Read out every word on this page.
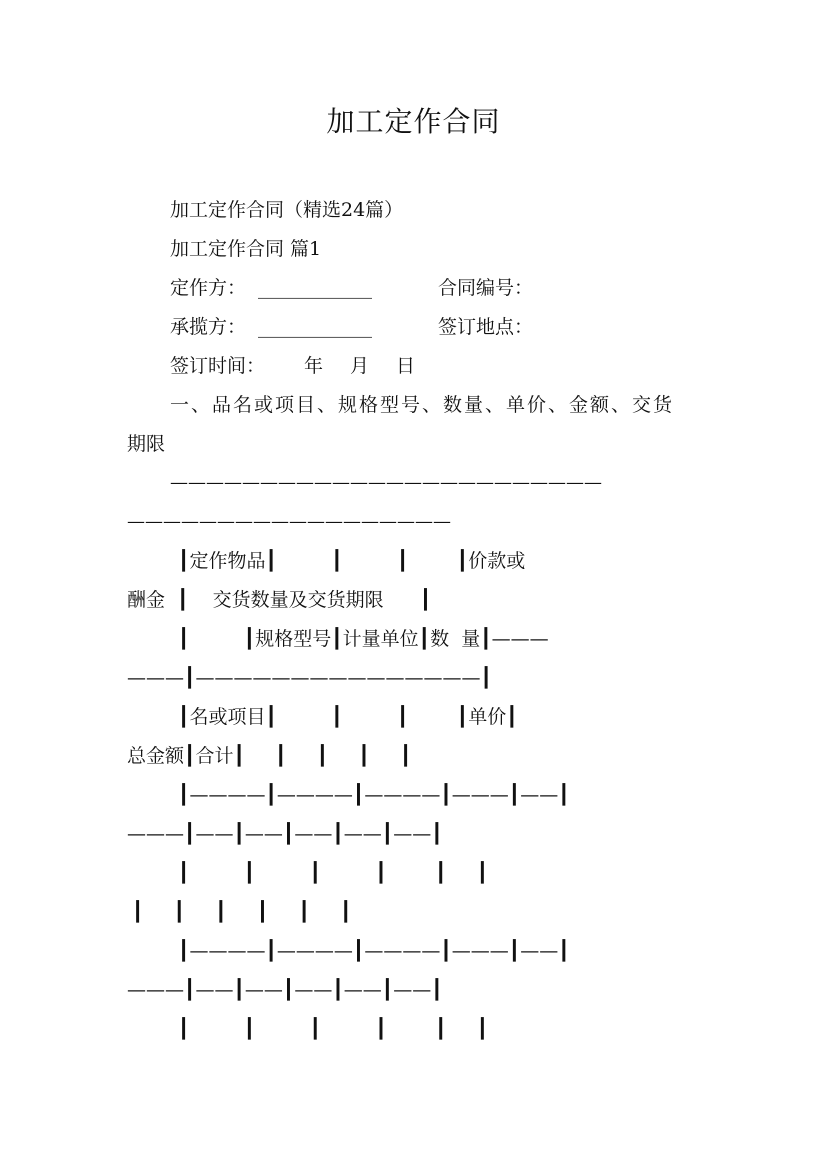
加工定作合同
加工定作合同（精选24篇）
加工定作合同 篇1
定作方： ____________	合同编号：
承揽方： ____________	签订地点：
签订时间： 年 月 日
一、品名或项目、规格型号、数量、单价、金额、交货
期限
————————————————————————
——————————————————
┃定作物品┃         ┃         ┃        ┃价款或
酬金  ┃    交货数量及交货期限      ┃
┃         ┃规格型号┃计量单位┃数  量┃———
———┃———————————————┃
┃名或项目┃         ┃         ┃        ┃单价┃
总金额┃合计┃     ┃     ┃     ┃     ┃
┃————┃————┃————┃———┃——┃
———┃——┃——┃——┃——┃——┃
┃         ┃         ┃         ┃        ┃     ┃
┃     ┃     ┃     ┃     ┃     ┃
┃————┃————┃————┃———┃——┃
———┃——┃——┃——┃——┃——┃
┃         ┃         ┃         ┃        ┃     ┃
